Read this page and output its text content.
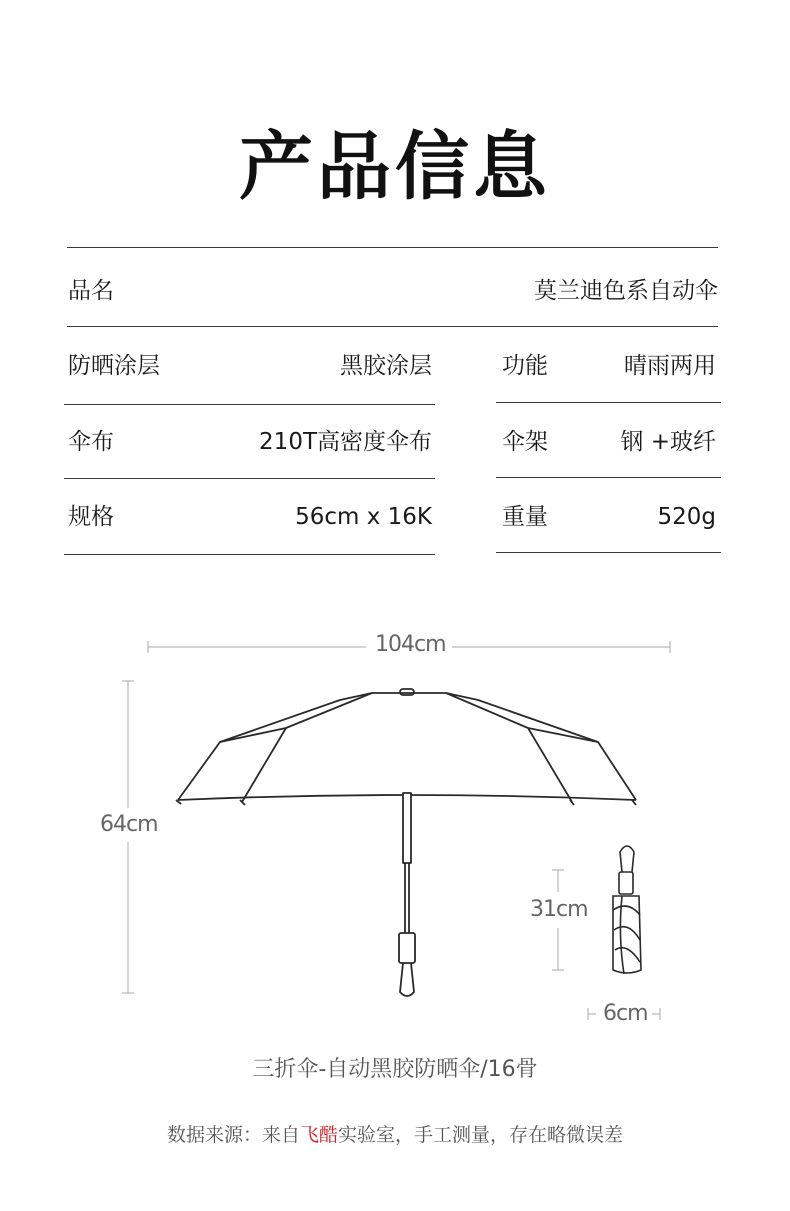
产品信息
品名	莫兰迪色系自动伞
防晒涂层	黑胶涂层
伞布	210T高密度伞布
规格	56cm x 16K
功能	晴雨两用
伞架	钢 +玻纤
重量	520g
104cm
64cm
31cm
6cm
三折伞-自动黑胶防晒伞/16骨
数据来源：来自飞酷实验室，手工测量，存在略微误差
